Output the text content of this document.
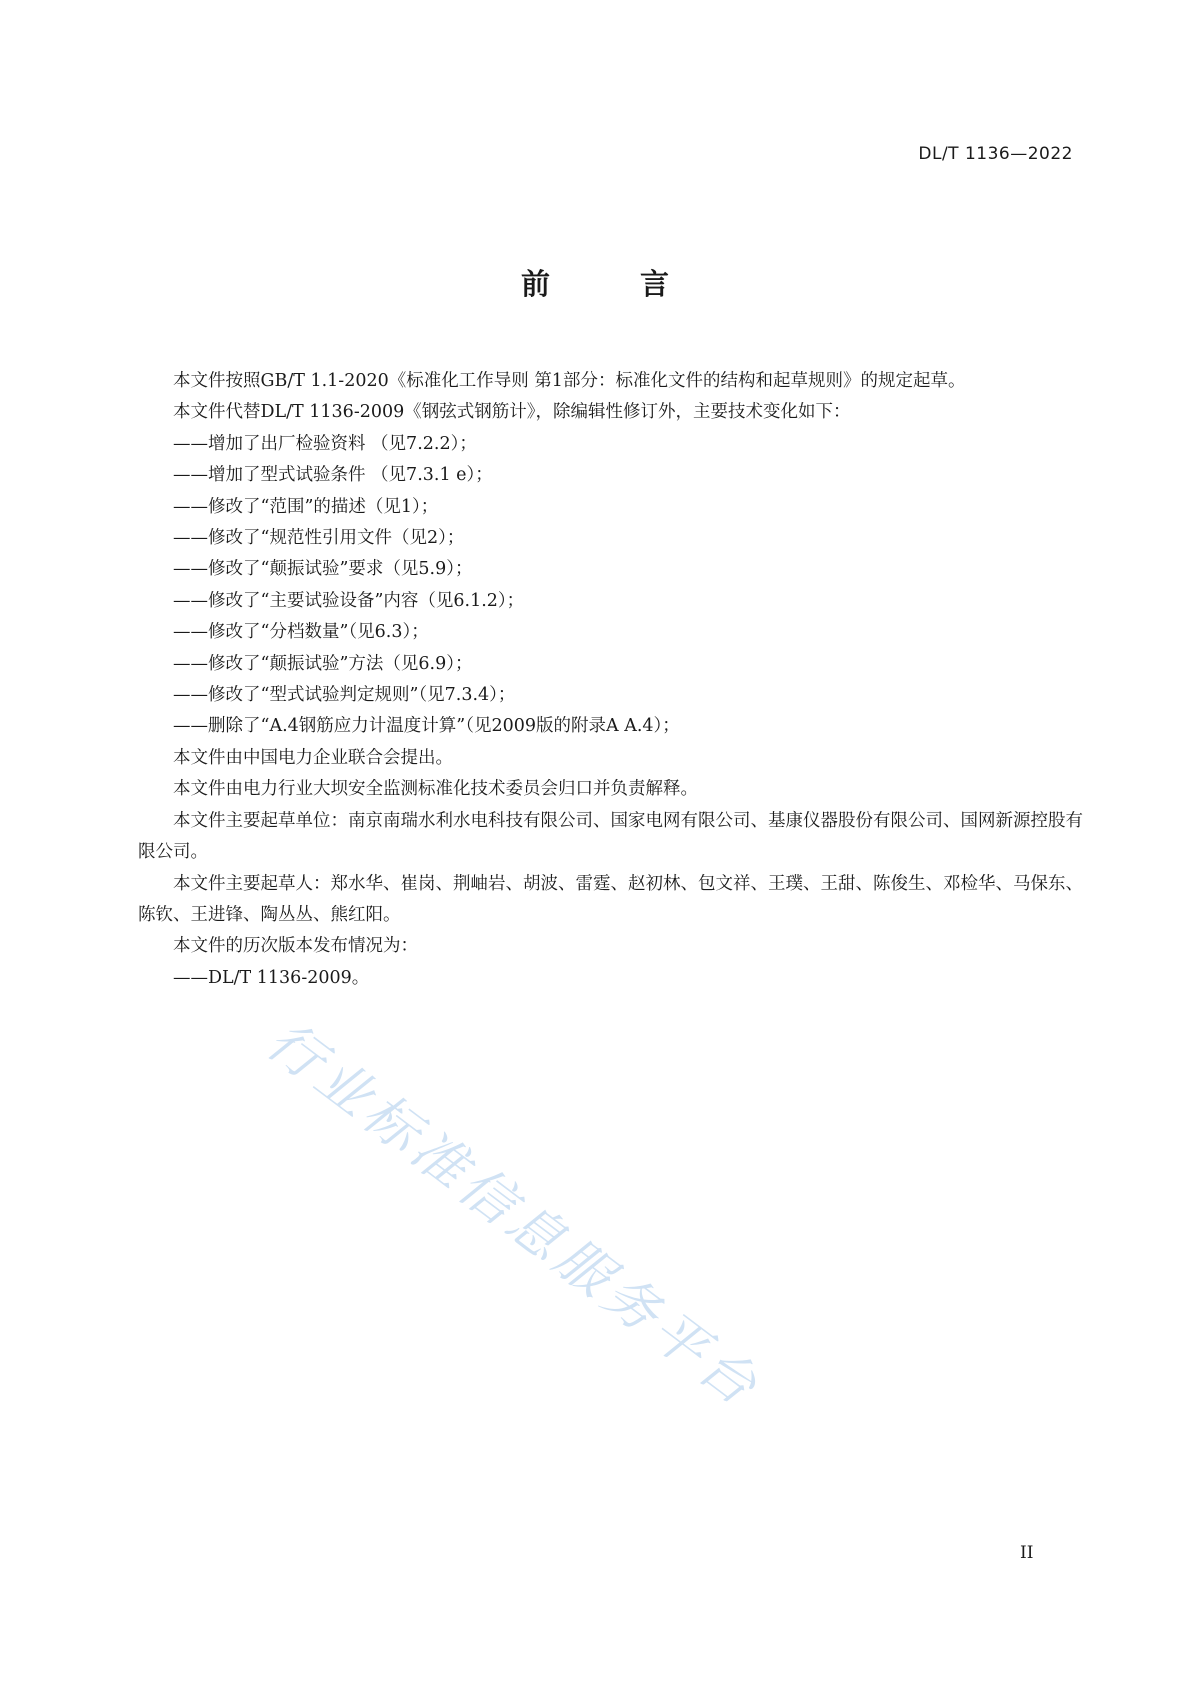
DL/T 1136—2022
前 言

本文件按照GB/T 1.1-2020《标准化工作导则 第1部分：标准化文件的结构和起草规则》的规定起草。

本文件代替DL/T 1136-2009《钢弦式钢筋计》，除编辑性修订外，主要技术变化如下：

——增加了出厂检验资料 （见7.2.2）；

——增加了型式试验条件 （见7.3.1 e）；

——修改了“范围”的描述（见1）；

——修改了“规范性引用文件（见2）；

——修改了“颠振试验”要求（见5.9）；

——修改了“主要试验设备”内容（见6.1.2）；

——修改了“分档数量”（见6.3）；

——修改了“颠振试验”方法（见6.9）；

——修改了“型式试验判定规则”（见7.3.4）；

——删除了“A.4钢筋应力计温度计算”（见2009版的附录A A.4）；

本文件由中国电力企业联合会提出。

本文件由电力行业大坝安全监测标准化技术委员会归口并负责解释。

本文件主要起草单位：南京南瑞水利水电科技有限公司、国家电网有限公司、基康仪器股份有限公司、国网新源控股有限公司。

本文件主要起草人：郑水华、崔岗、荆岫岩、胡波、雷霆、赵初林、包文祥、王璞、王甜、陈俊生、邓检华、马保东、陈钦、王进锋、陶丛丛、熊红阳。

本文件的历次版本发布情况为：

——DL/T 1136-2009。

行业标准信息服务平台
II
